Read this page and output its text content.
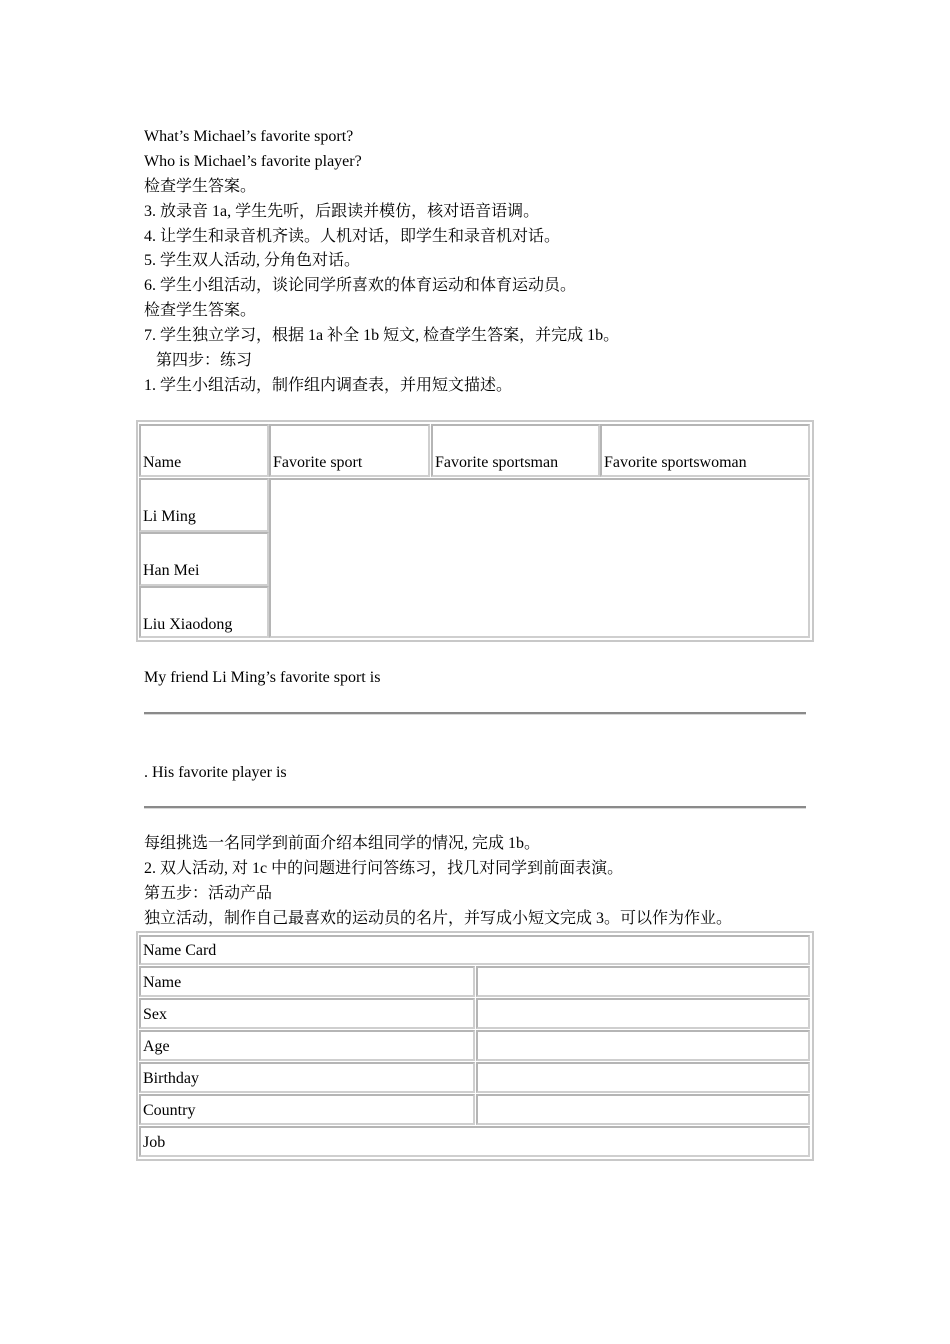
What’s Michael’s favorite sport?
Who is Michael’s favorite player?
检查学生答案。
3. 放录音 1a, 学生先听，后跟读并模仿，核对语音语调。
4. 让学生和录音机齐读。人机对话，即学生和录音机对话。
5. 学生双人活动, 分角色对话。
6. 学生小组活动，谈论同学所喜欢的体育运动和体育运动员。
检查学生答案。
7. 学生独立学习，根据 1a 补全 1b 短文, 检查学生答案，并完成 1b。
第四步：练习
1. 学生小组活动，制作组内调查表，并用短文描述。
Name	Favorite sport	Favorite sportsman	Favorite sportswoman
Li Ming
Han Mei
Liu Xiaodong
My friend Li Ming’s favorite sport is
. His favorite player is
每组挑选一名同学到前面介绍本组同学的情况, 完成 1b。
2. 双人活动, 对 1c 中的问题进行问答练习，找几对同学到前面表演。
第五步：活动产品
独立活动，制作自己最喜欢的运动员的名片，并写成小短文完成 3。可以作为作业。
Name Card
Name
Sex
Age
Birthday
Country
Job
